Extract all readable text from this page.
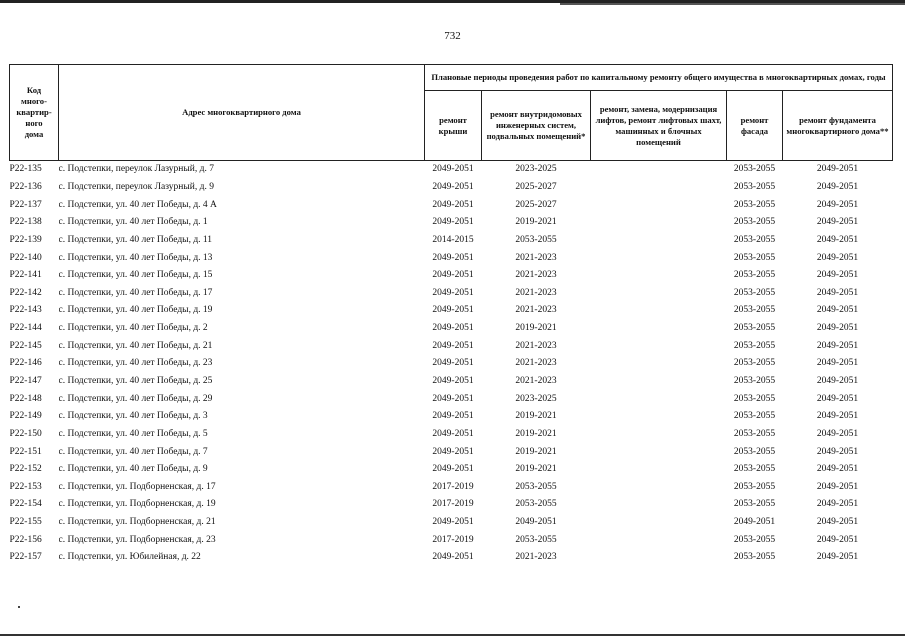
732
Код
много-
квартир-
ного
дома	Адрес многоквартирного дома	Плановые периоды проведения работ по капитальному ремонту общего имущества в многоквартирных домах, годы				
		ремонт крыши	ремонт внутридомовых инженерных систем, подвальных помещений*	ремонт, замена, модернизация лифтов, ремонт лифтовых шахт, машинных и блочных помещений	ремонт фасада	ремонт фундамента многоквартирного дома**
P22-135	с. Подстепки, переулок Лазурный, д. 7	2049-2051	2023-2025		2053-2055	2049-2051
P22-136	с. Подстепки, переулок Лазурный, д. 9	2049-2051	2025-2027		2053-2055	2049-2051
P22-137	с. Подстепки, ул. 40 лет Победы, д. 4 А	2049-2051	2025-2027		2053-2055	2049-2051
P22-138	с. Подстепки, ул. 40 лет Победы, д. 1	2049-2051	2019-2021		2053-2055	2049-2051
P22-139	с. Подстепки, ул. 40 лет Победы, д. 11	2014-2015	2053-2055		2053-2055	2049-2051
P22-140	с. Подстепки, ул. 40 лет Победы, д. 13	2049-2051	2021-2023		2053-2055	2049-2051
P22-141	с. Подстепки, ул. 40 лет Победы, д. 15	2049-2051	2021-2023		2053-2055	2049-2051
P22-142	с. Подстепки, ул. 40 лет Победы, д. 17	2049-2051	2021-2023		2053-2055	2049-2051
P22-143	с. Подстепки, ул. 40 лет Победы, д. 19	2049-2051	2021-2023		2053-2055	2049-2051
P22-144	с. Подстепки, ул. 40 лет Победы, д. 2	2049-2051	2019-2021		2053-2055	2049-2051
P22-145	с. Подстепки, ул. 40 лет Победы, д. 21	2049-2051	2021-2023		2053-2055	2049-2051
P22-146	с. Подстепки, ул. 40 лет Победы, д. 23	2049-2051	2021-2023		2053-2055	2049-2051
P22-147	с. Подстепки, ул. 40 лет Победы, д. 25	2049-2051	2021-2023		2053-2055	2049-2051
P22-148	с. Подстепки, ул. 40 лет Победы, д. 29	2049-2051	2023-2025		2053-2055	2049-2051
P22-149	с. Подстепки, ул. 40 лет Победы, д. 3	2049-2051	2019-2021		2053-2055	2049-2051
P22-150	с. Подстепки, ул. 40 лет Победы, д. 5	2049-2051	2019-2021		2053-2055	2049-2051
P22-151	с. Подстепки, ул. 40 лет Победы, д. 7	2049-2051	2019-2021		2053-2055	2049-2051
P22-152	с. Подстепки, ул. 40 лет Победы, д. 9	2049-2051	2019-2021		2053-2055	2049-2051
P22-153	с. Подстепки, ул. Подборненская, д. 17	2017-2019	2053-2055		2053-2055	2049-2051
P22-154	с. Подстепки, ул. Подборненская, д. 19	2017-2019	2053-2055		2053-2055	2049-2051
P22-155	с. Подстепки, ул. Подборненская, д. 21	2049-2051	2049-2051		2049-2051	2049-2051
P22-156	с. Подстепки, ул. Подборненская, д. 23	2017-2019	2053-2055		2053-2055	2049-2051
P22-157	с. Подстепки, ул. Юбилейная, д. 22	2049-2051	2021-2023		2053-2055	2049-2051
